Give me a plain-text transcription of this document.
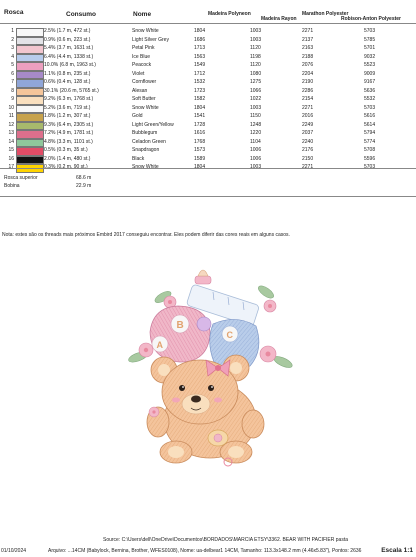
Rosca	Consumo	Nome	Madeira Polyneon
Madeira Rayon
Marathon Polyester
Robison-Anton Polyester
1		2.5% (1.7 m, 472 st.)	Snow White	1804	1003	2271	5703
2		0.9% (0.6 m, 223 st.)	Light Silver Grey	1686	1003	2137	5785
3		5.4% (3.7 m, 1631 st.)	Petal Pink	1713	1120	2163	5701
4		6.4% (4.4 m, 1338 st.)	Ice Blue	1563	1198	2188	9032
5		10.0% (6.8 m, 1963 st.)	Peacock	1549	1120	2076	5523
6		1.1% (0.8 m, 235 st.)	Violet	1712	1080	2204	9009
7		0.6% (0.4 m, 128 st.)	Cornflower	1532	1275	2190	9167
8		30.1% (20.6 m, 5765 st.)	Alesan	1723	1066	2286	5636
9		9.2% (6.3 m, 1768 st.)	Soft Butter	1582	1022	2154	5532
10		5.2% (3.6 m, 719 st.)	Snow White	1804	1003	2271	5703
11		1.8% (1.2 m, 307 st.)	Gold	1541	1150	2016	5616
12		9.3% (6.4 m, 2305 st.)	Light Green/Yellow	1728	1248	2249	5614
13		7.2% (4.9 m, 1781 st.)	Bubblegum	1616	1220	2037	5794
14		4.8% (3.3 m, 1101 st.)	Celadon Green	1768	1104	2240	5774
15		0.5% (0.3 m, 35 st.)	Snapdragon	1573	1006	2176	5708
16		2.0% (1.4 m, 480 st.)	Black	1589	1006	2150	5596
17		0.3% (0.2 m, 90 st.)	Snow White	1804	1003	2271	5703
Rosca superior	68.6 m
Bobina	22.9 m
Nota: estes são os threads mais próximos Embird 2017 conseguiu encontrar. Eles podem diferir das cores reais em alguns casos.
B
A
C
Source: C:\Users\dell\OneDrive\Documentos\BORDADOS\MARCIA ETSY\3362. BEAR WITH PACIFIER pasta
01/10/2024	Arquivo: ...14CM (Babylock, Bernina, Brother, WFES0108), Nome: ua-delbear1 14CM, Tamanho: 113.3x148.2 mm (4.46x5.83"), Pontos: 2636	Escala 1:1
